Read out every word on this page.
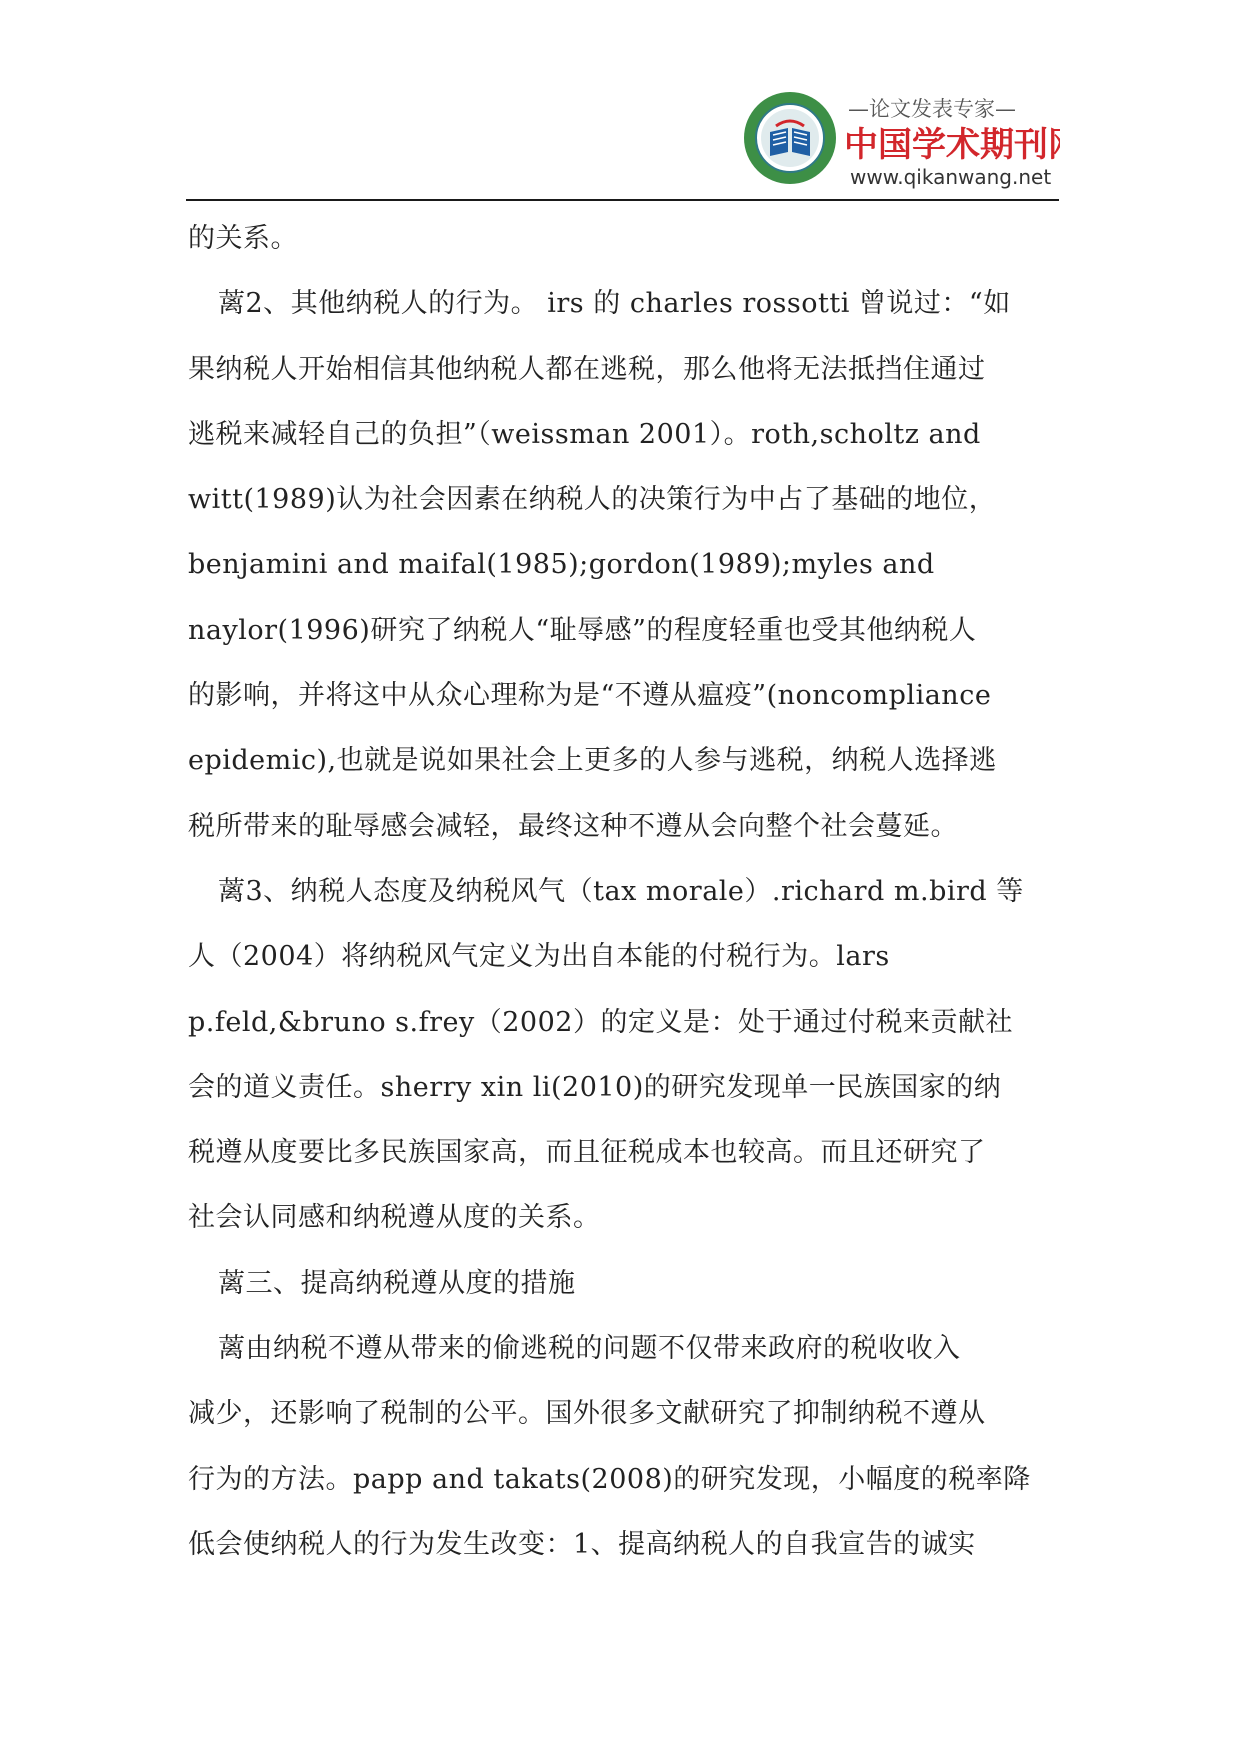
—论文发表专家—
中国学术期刊网
www.qikanwang.net
的关系。
蓠2、其他纳税人的行为。 irs 的 charles rossotti 曾说过：“如
果纳税人开始相信其他纳税人都在逃税，那么他将无法抵挡住通过
逃税来减轻自己的负担”（weissman 2001）。roth,scholtz and
witt(1989)认为社会因素在纳税人的决策行为中占了基础的地位，
benjamini and maifal(1985);gordon(1989);myles and
naylor(1996)研究了纳税人“耻辱感”的程度轻重也受其他纳税人
的影响，并将这中从众心理称为是“不遵从瘟疫”(noncompliance
epidemic),也就是说如果社会上更多的人参与逃税，纳税人选择逃
税所带来的耻辱感会减轻，最终这种不遵从会向整个社会蔓延。
蓠3、纳税人态度及纳税风气（tax morale）.richard m.bird 等
人（2004）将纳税风气定义为出自本能的付税行为。lars
p.feld,&bruno s.frey（2002）的定义是：处于通过付税来贡献社
会的道义责任。sherry xin li(2010)的研究发现单一民族国家的纳
税遵从度要比多民族国家高，而且征税成本也较高。而且还研究了
社会认同感和纳税遵从度的关系。
蓠三、提高纳税遵从度的措施
蓠由纳税不遵从带来的偷逃税的问题不仅带来政府的税收收入
减少，还影响了税制的公平。国外很多文献研究了抑制纳税不遵从
行为的方法。papp and takats(2008)的研究发现，小幅度的税率降
低会使纳税人的行为发生改变：1、提高纳税人的自我宣告的诚实
